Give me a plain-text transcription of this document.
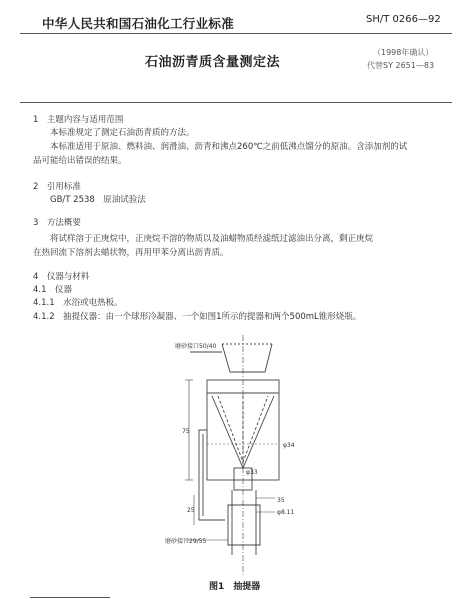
中华人民共和国石油化工行业标准	SH/T 0266—92
石油沥青质含量测定法
（1998年确认）
代替SY 2651—83
1　主题内容与适用范围
本标准规定了测定石油沥青质的方法。
本标准适用于原油、燃料油、润滑油、沥青和沸点260℃之前低沸点馏分的原油。含添加剂的试
品可能给出错误的结果。
2　引用标准
GB/T 2538　原油试验法
3　方法概要
将试样溶于正庚烷中，正庚烷不溶的物质以及油蜡物质经滤纸过滤油出分离，剩正庚烷
在热回流下溶剂去蜡状物，再用甲苯分离出沥青质。
4　仪器与材料
4.1　仪器
4.1.1　水浴或电热板。
4.1.2　抽提仪器：由一个球形冷凝器、一个如图1所示的提器和两个500mL锥形烧瓶。
磨砂接口50/40
75
φ34
φ33
35
φ8.11
25
磨砂接口29/55
图1　抽提器
